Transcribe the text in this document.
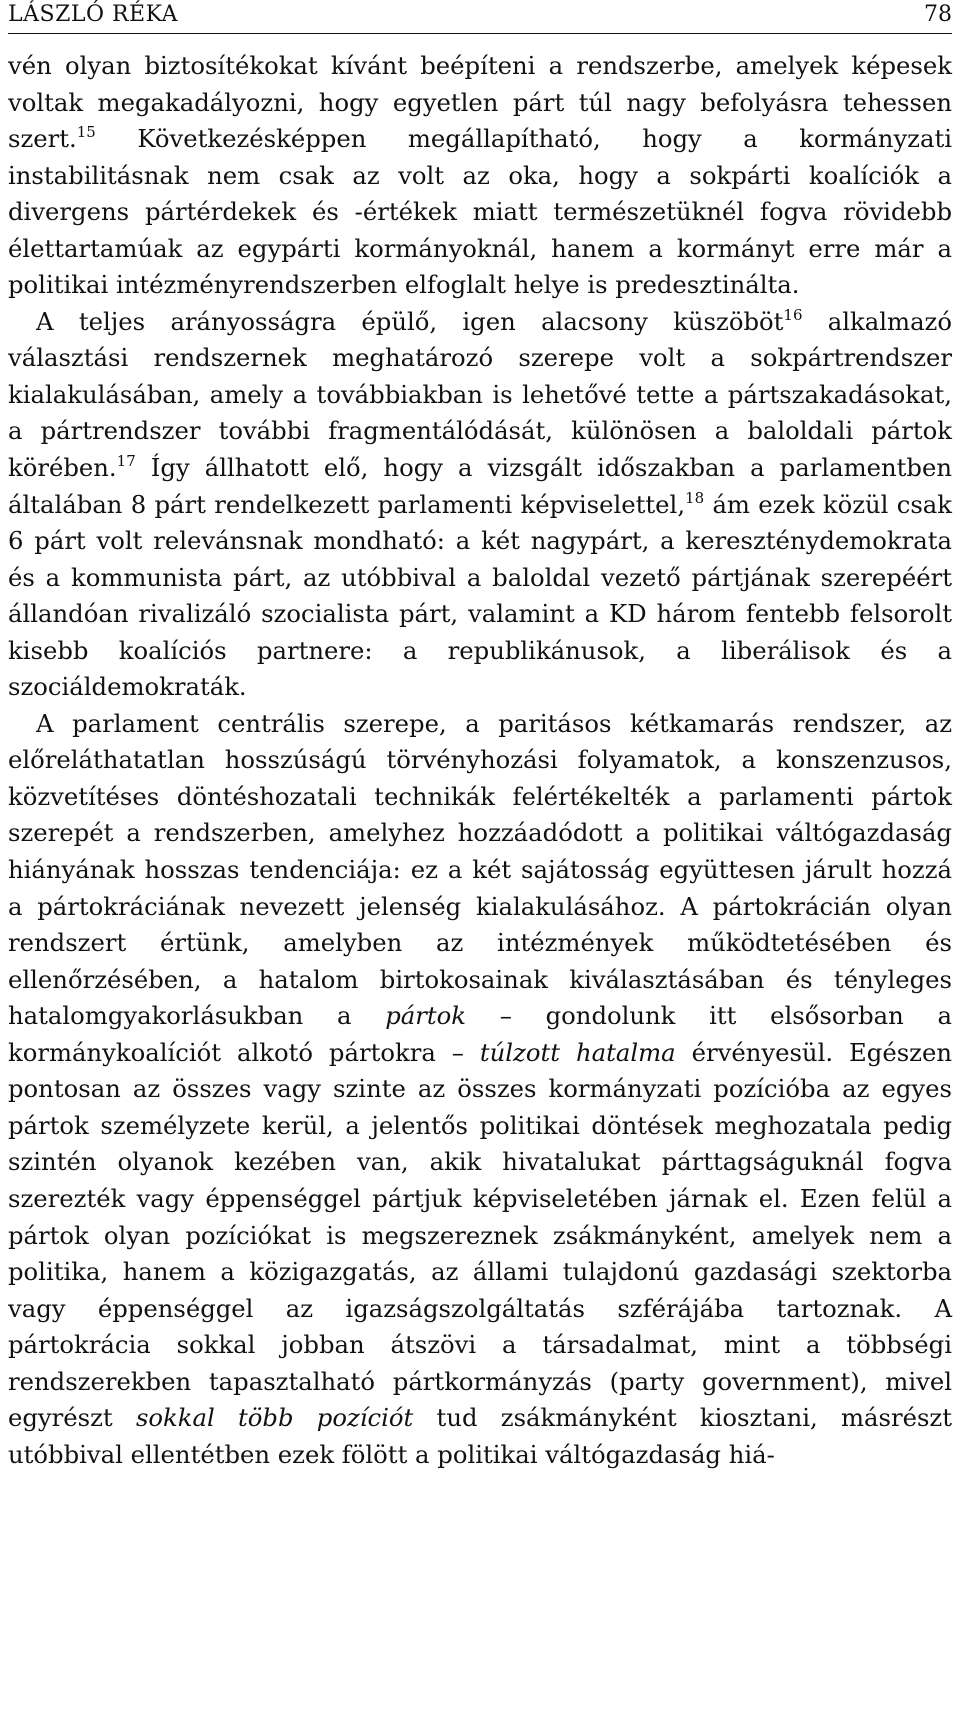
LÁSZLÓ RÉKA	78

vén olyan biztosítékokat kívánt beépíteni a rendszerbe, amelyek képesek voltak megakadályozni, hogy egyetlen párt túl nagy befolyásra tehessen szert.$^{15}$ Következésképpen megállapítható, hogy a kormányzati instabilitásnak nem csak az volt az oka, hogy a sokpárti koalíciók a divergens pártérdekek és -értékek miatt természetüknél fogva rövidebb élettartamúak az egypárti kormányoknál, hanem a kormányt erre már a politikai intézményrendszerben elfoglalt helye is predesztinálta.

A teljes arányosságra épülő, igen alacsony küszöböt$^{16}$ alkalmazó választási rendszernek meghatározó szerepe volt a sokpártrendszer kialakulásában, amely a továbbiakban is lehetővé tette a pártszakadásokat, a pártrendszer további fragmentálódását, különösen a baloldali pártok körében.$^{17}$ Így állhatott elő, hogy a vizsgált időszakban a parlamentben általában 8 párt rendelkezett parlamenti képviselettel,$^{18}$ ám ezek közül csak 6 párt volt relevánsnak mondható: a két nagypárt, a kereszténydemokrata és a kommunista párt, az utóbbival a baloldal vezető pártjának szerepéért állandóan rivalizáló szocialista párt, valamint a KD három fentebb felsorolt kisebb koalíciós partnere: a republikánusok, a liberálisok és a szociáldemokraták.

A parlament centrális szerepe, a paritásos kétkamarás rendszer, az előreláthatatlan hosszúságú törvényhozási folyamatok, a konszenzusos, közvetítéses döntéshozatali technikák felértékelték a parlamenti pártok szerepét a rendszerben, amelyhez hozzáadódott a politikai váltógazdaság hiányának hosszas tendenciája: ez a két sajátosság együttesen járult hozzá a pártokráciának nevezett jelenség kialakulásához. A pártokrácián olyan rendszert értünk, amelyben az intézmények működtetésében és ellenőrzésében, a hatalom birtokosainak kiválasztásában és tényleges hatalomgyakorlásukban a pártok – gondolunk itt elsősorban a kormánykoalíciót alkotó pártokra – túlzott hatalma érvényesül. Egészen pontosan az összes vagy szinte az összes kormányzati pozícióba az egyes pártok személyzete kerül, a jelentős politikai döntések meghozatala pedig szintén olyanok kezében van, akik hivatalukat párttagságuknál fogva szerezték vagy éppenséggel pártjuk képviseletében járnak el. Ezen felül a pártok olyan pozíciókat is megszereznek zsákmányként, amelyek nem a politika, hanem a közigazgatás, az állami tulajdonú gazdasági szektorba vagy éppenséggel az igazságszolgáltatás szférájába tartoznak. A pártokrácia sokkal jobban átszövi a társadalmat, mint a többségi rendszerekben tapasztalható pártkormányzás (party government), mivel egyrészt sokkal több pozíciót tud zsákmányként kiosztani, másrészt utóbbival ellentétben ezek fölött a politikai váltógazdaság hiá-
